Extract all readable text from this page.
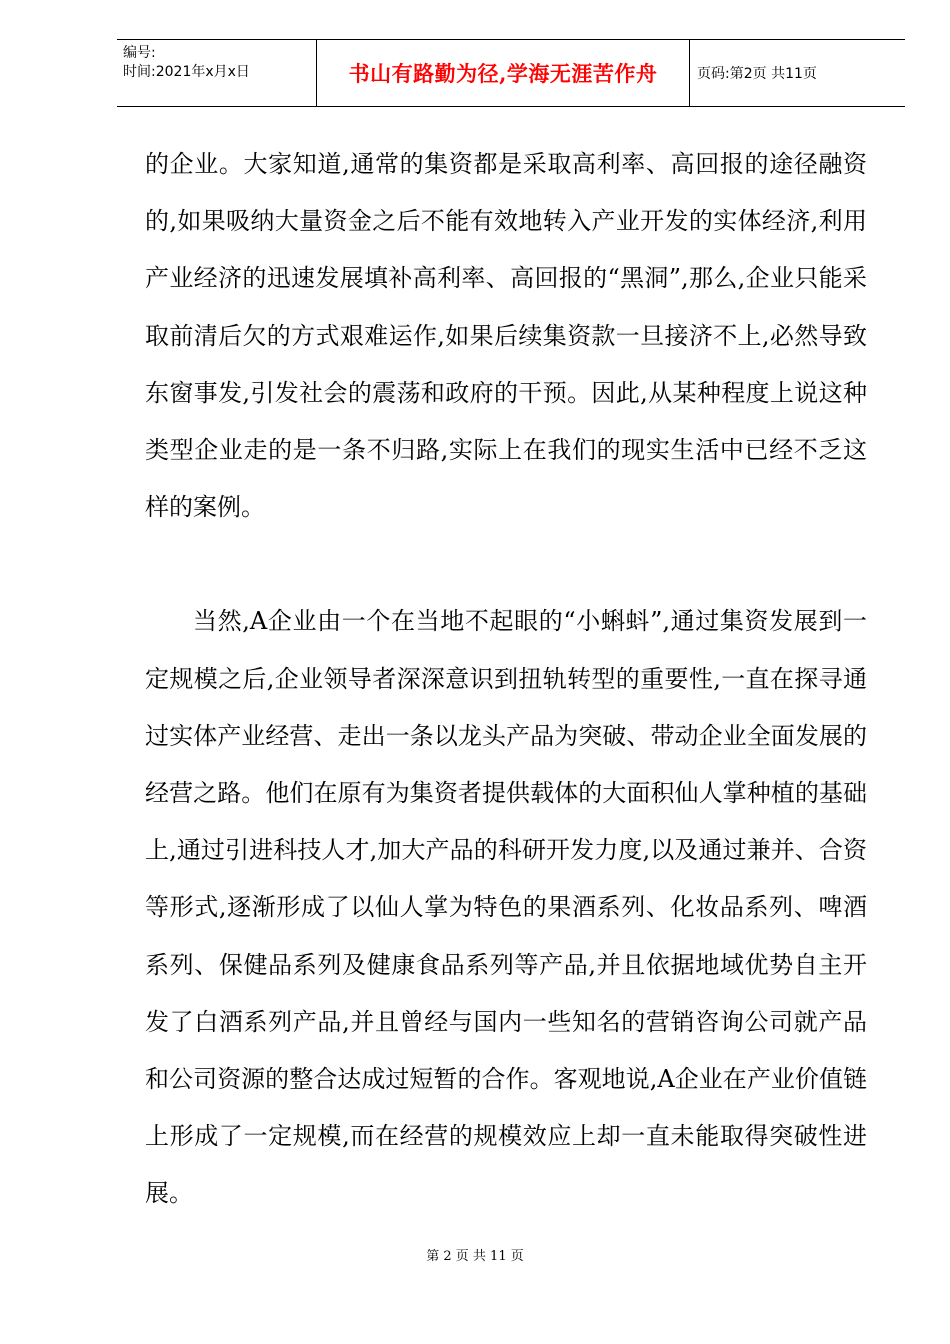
编号:
时间:2021年x月x日	书山有路勤为径,学海无涯苦作舟	页码:第2页 共11页

的企业。大家知道,通常的集资都是采取高利率、高回报的途径融资的,如果吸纳大量资金之后不能有效地转入产业开发的实体经济,利用产业经济的迅速发展填补高利率、高回报的“黑洞”,那么,企业只能采取前清后欠的方式艰难运作,如果后续集资款一旦接济不上,必然导致东窗事发,引发社会的震荡和政府的干预。因此,从某种程度上说这种类型企业走的是一条不归路,实际上在我们的现实生活中已经不乏这样的案例。

当然,A企业由一个在当地不起眼的“小蝌蚪”,通过集资发展到一定规模之后,企业领导者深深意识到扭轨转型的重要性,一直在探寻通过实体产业经营、走出一条以龙头产品为突破、带动企业全面发展的经营之路。他们在原有为集资者提供载体的大面积仙人掌种植的基础上,通过引进科技人才,加大产品的科研开发力度,以及通过兼并、合资等形式,逐渐形成了以仙人掌为特色的果酒系列、化妆品系列、啤酒系列、保健品系列及健康食品系列等产品,并且依据地域优势自主开发了白酒系列产品,并且曾经与国内一些知名的营销咨询公司就产品和公司资源的整合达成过短暂的合作。客观地说,A企业在产业价值链上形成了一定规模,而在经营的规模效应上却一直未能取得突破性进展。

第 2 页 共 11 页
